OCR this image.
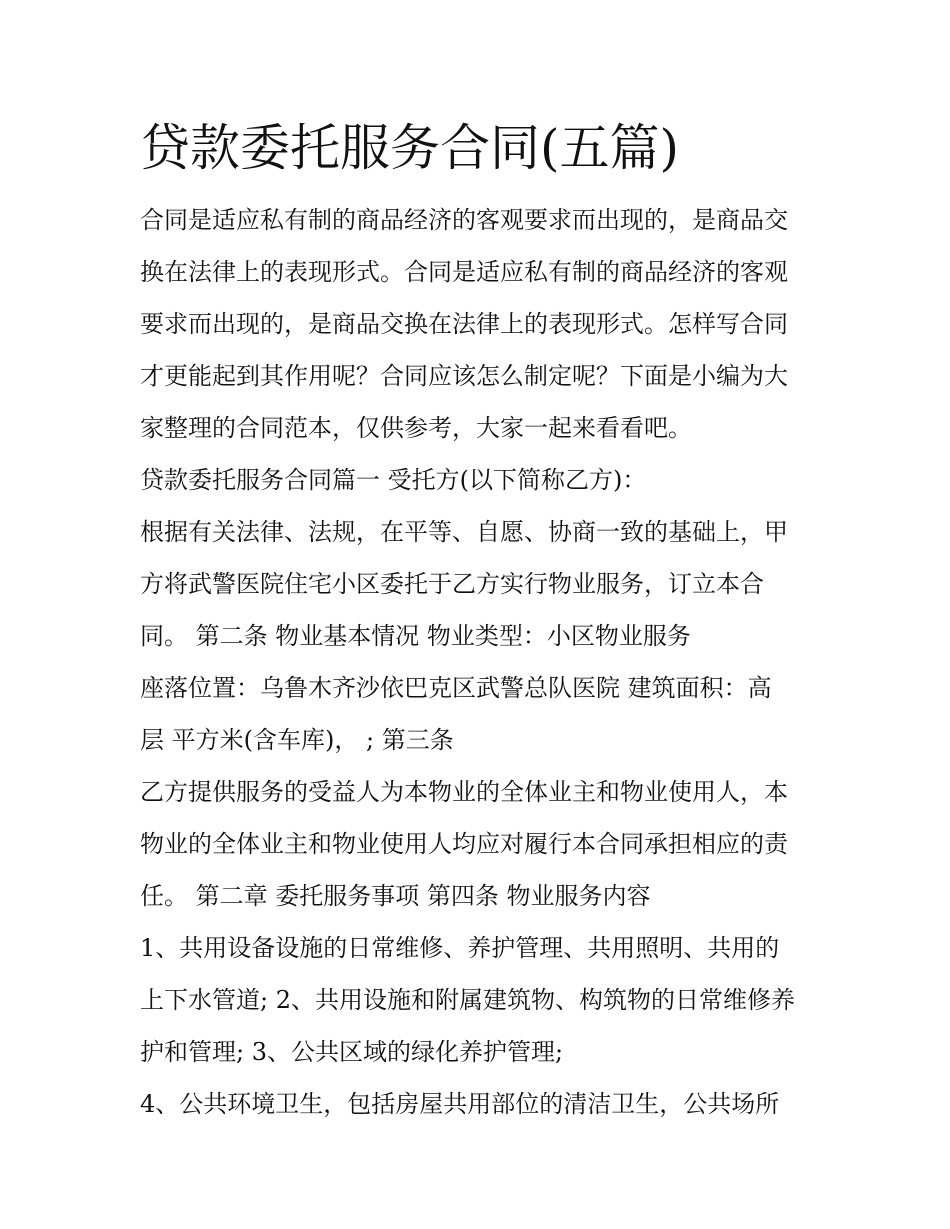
贷款委托服务合同(五篇)

合同是适应私有制的商品经济的客观要求而出现的，是商品交
换在法律上的表现形式。合同是适应私有制的商品经济的客观
要求而出现的，是商品交换在法律上的表现形式。怎样写合同
才更能起到其作用呢？合同应该怎么制定呢？下面是小编为大
家整理的合同范本，仅供参考，大家一起来看看吧。

贷款委托服务合同篇一 受托方(以下简称乙方)：

根据有关法律、法规，在平等、自愿、协商一致的基础上，甲
方将武警医院住宅小区委托于乙方实行物业服务，订立本合
同。 第二条 物业基本情况 物业类型：小区物业服务

座落位置：乌鲁木齐沙依巴克区武警总队医院 建筑面积：高
层 平方米(含车库)， ; 第三条

乙方提供服务的受益人为本物业的全体业主和物业使用人，本
物业的全体业主和物业使用人均应对履行本合同承担相应的责
任。 第二章 委托服务事项 第四条 物业服务内容

1、共用设备设施的日常维修、养护管理、共用照明、共用的
上下水管道; 2、共用设施和附属建筑物、构筑物的日常维修养
护和管理; 3、公共区域的绿化养护管理;

4、公共环境卫生，包括房屋共用部位的清洁卫生，公共场所
